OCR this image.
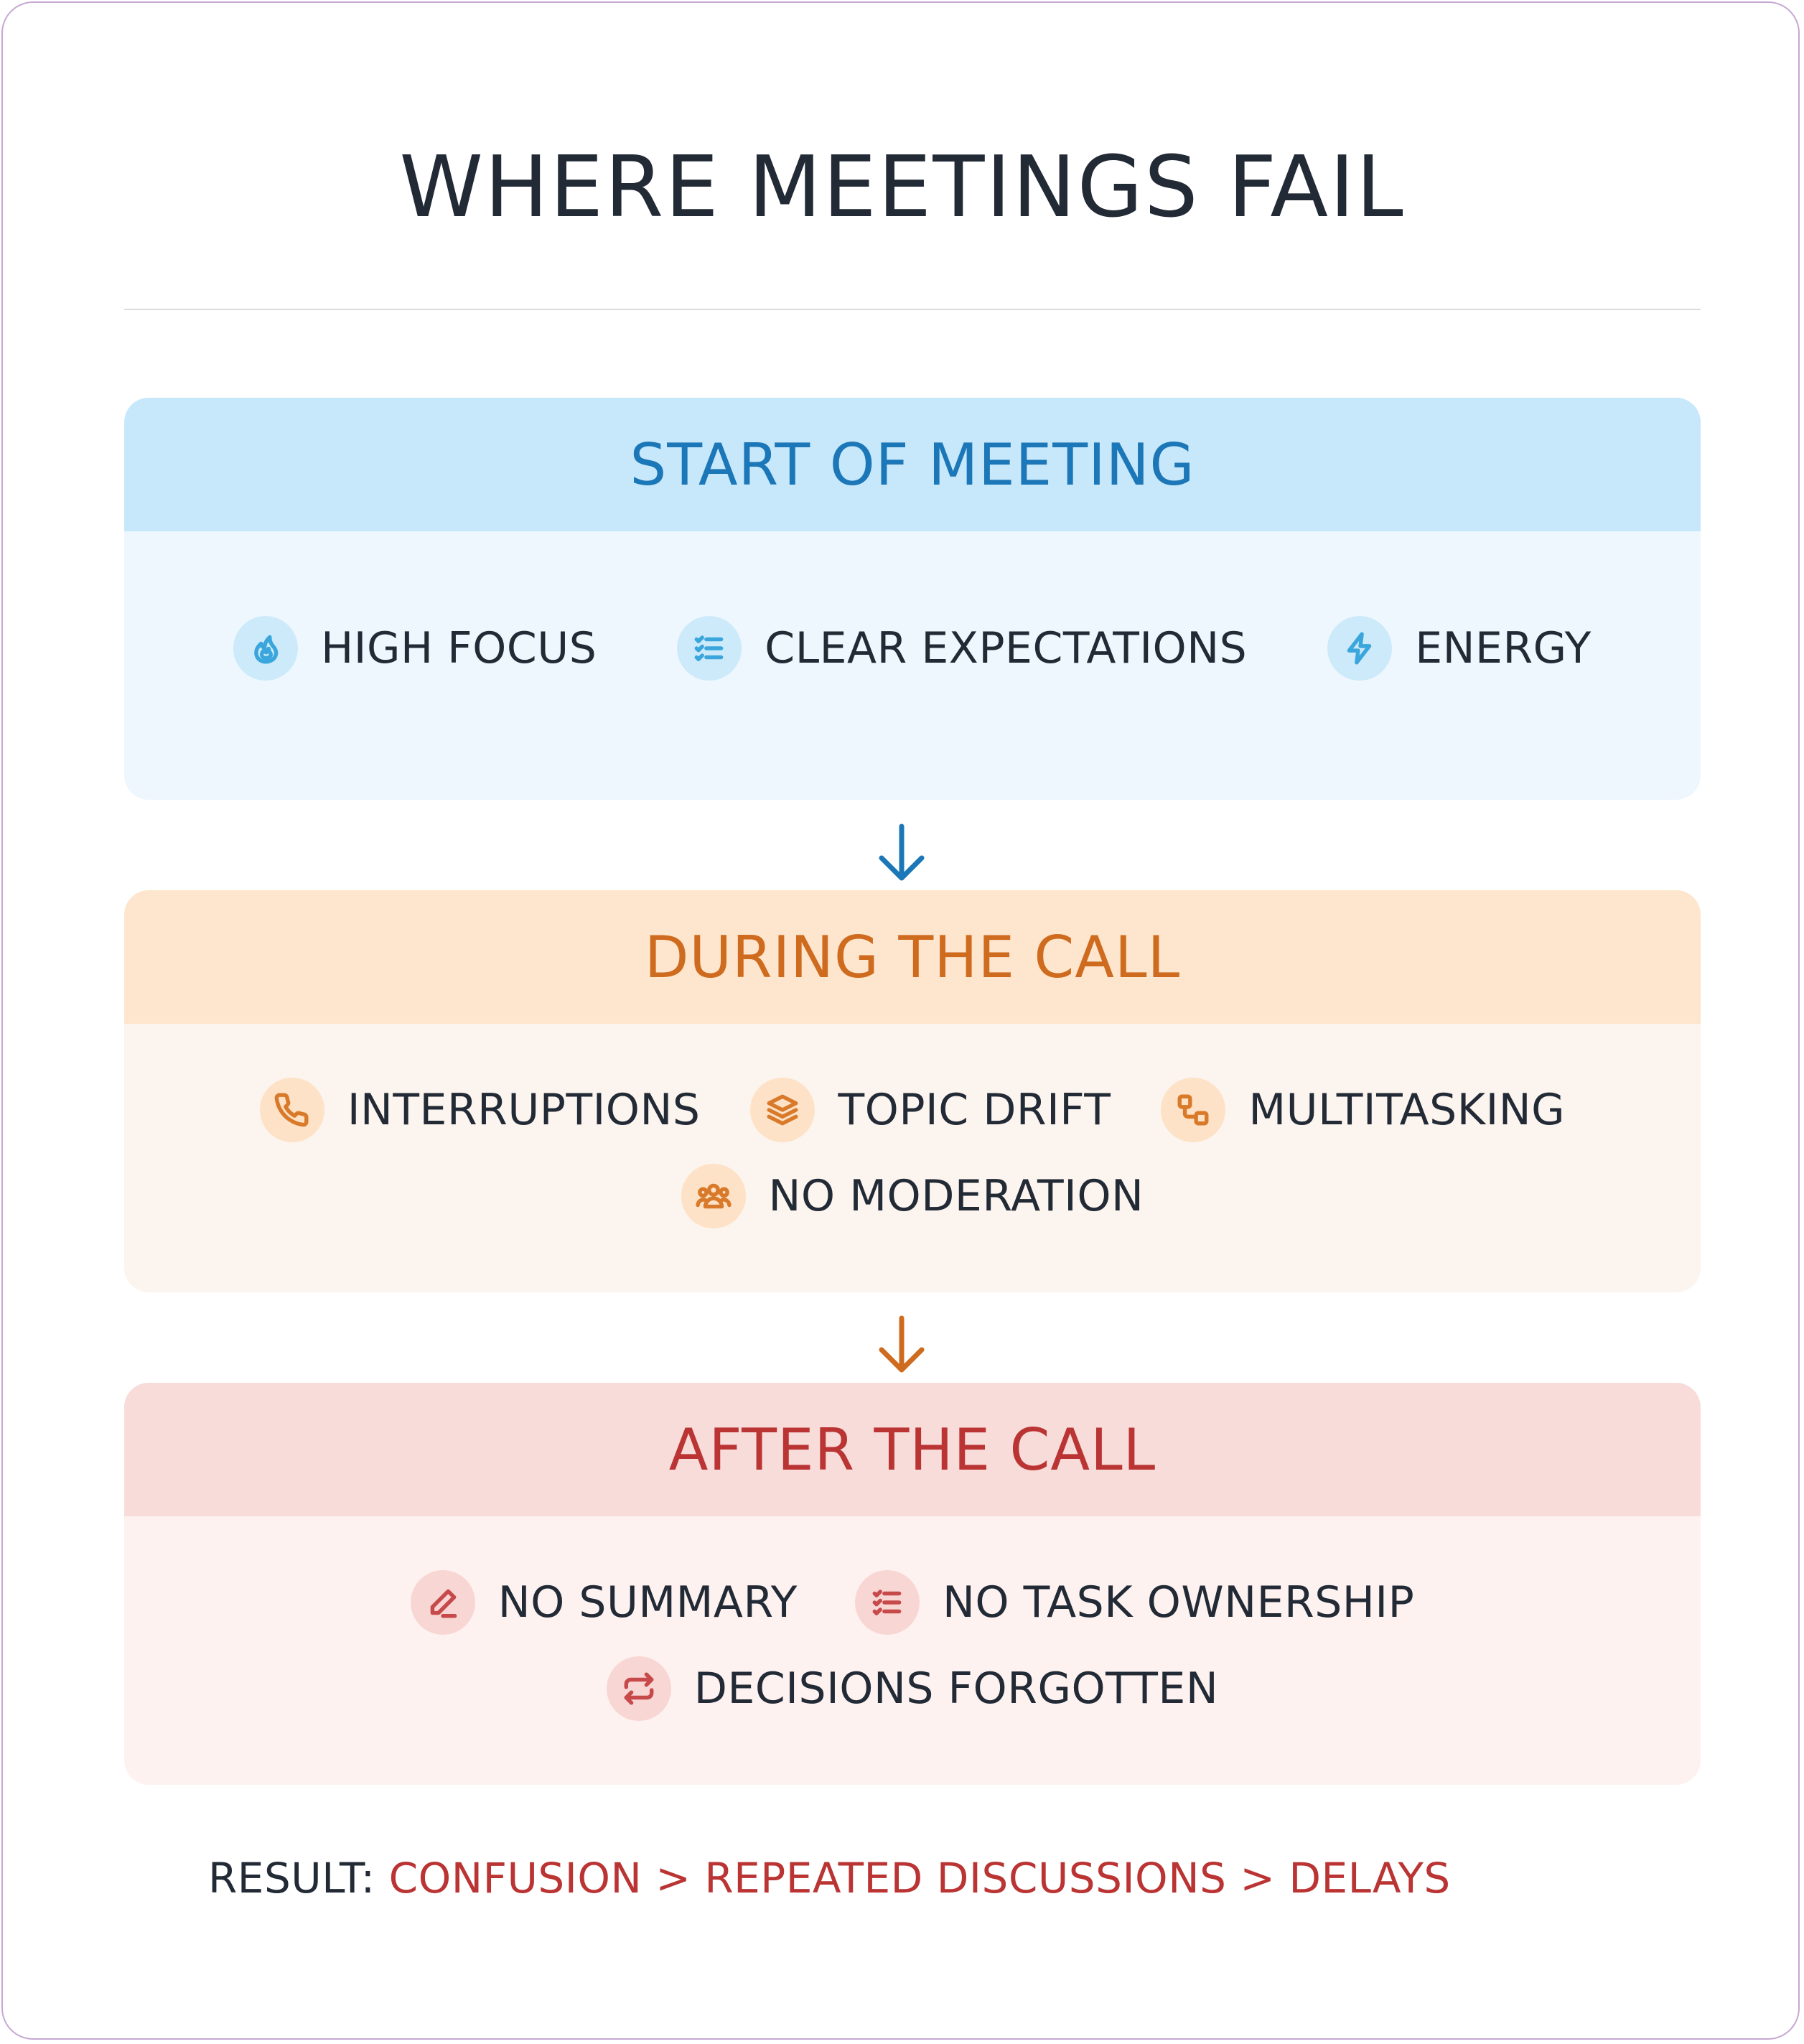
WHERE MEETINGS FAIL
START OF MEETING
HIGH FOCUS	CLEAR EXPECTATIONS	ENERGY
DURING THE CALL
INTERRUPTIONS	TOPIC DRIFT	MULTITASKING
NO MODERATION
AFTER THE CALL
NO SUMMARY	NO TASK OWNERSHIP
DECISIONS FORGOTTEN
RESULT: CONFUSION > REPEATED DISCUSSIONS > DELAYS
